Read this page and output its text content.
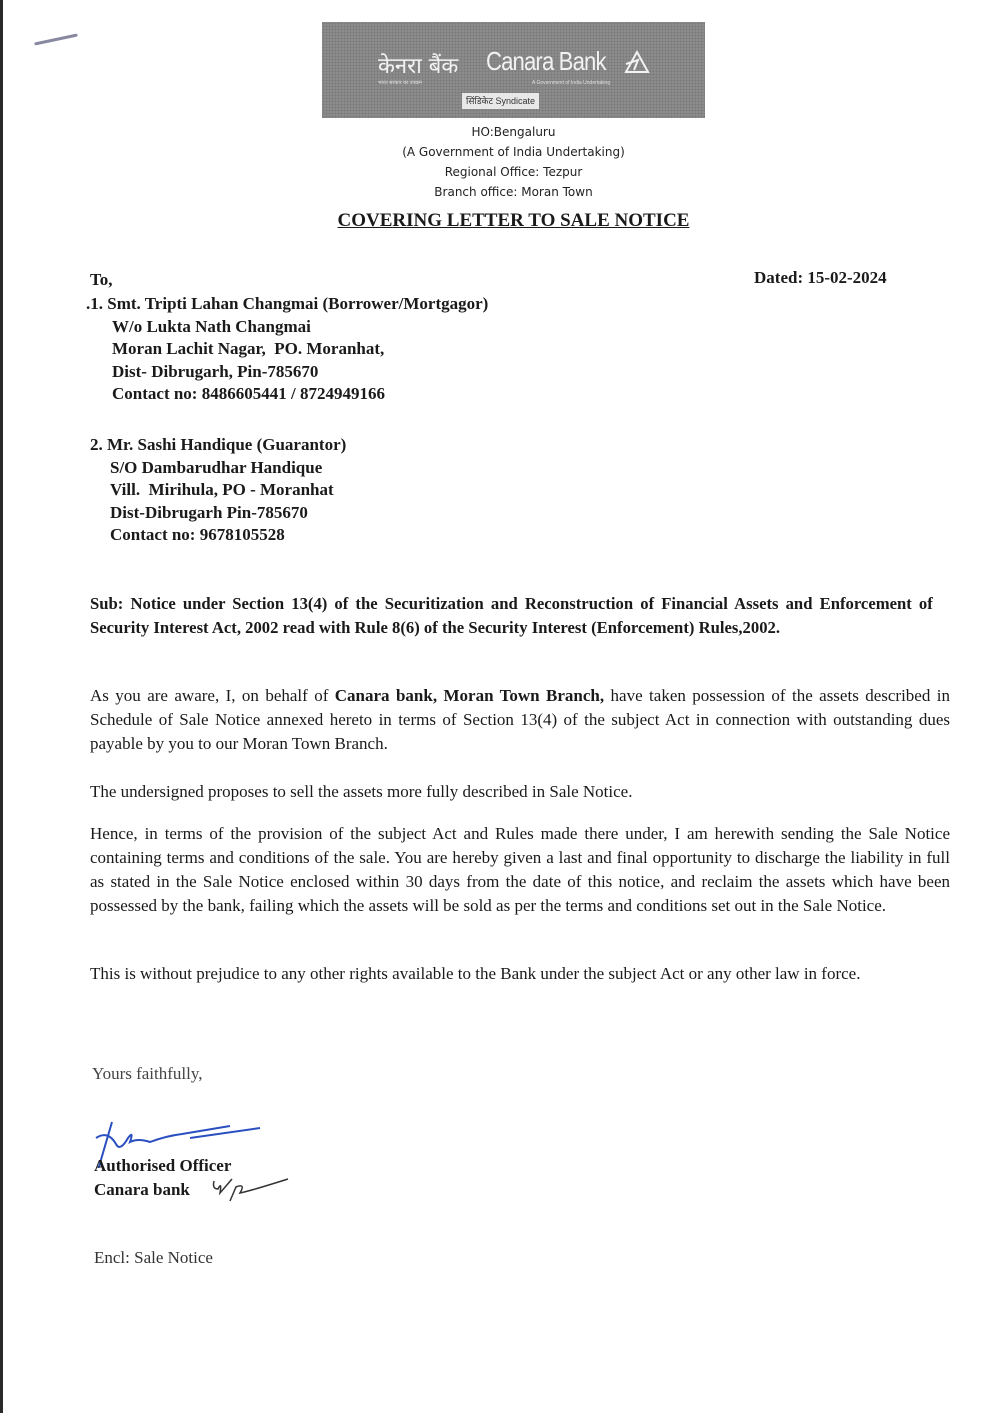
केनरा बैंक Canara Bank
भारत सरकार का उपक्रम	A Government of India Undertaking
सिंडिकेट Syndicate
HO:Bengaluru
(A Government of India Undertaking)
Regional Office: Tezpur
Branch office: Moran Town
COVERING LETTER TO SALE NOTICE
To,	Dated: 15-02-2024
.1. Smt. Tripti Lahan Changmai (Borrower/Mortgagor)
W/o Lukta Nath Changmai
Moran Lachit Nagar,  PO. Moranhat,
Dist- Dibrugarh, Pin-785670
Contact no: 8486605441 / 8724949166
2. Mr. Sashi Handique (Guarantor)
S/O Dambarudhar Handique
Vill.  Mirihula, PO - Moranhat
Dist-Dibrugarh Pin-785670
Contact no: 9678105528
Sub: Notice under Section 13(4) of the Securitization and Reconstruction of Financial Assets and Enforcement of Security Interest Act, 2002 read with Rule 8(6) of the Security Interest (Enforcement) Rules,2002.
As you are aware, I, on behalf of Canara bank, Moran Town Branch, have taken possession of the assets described in Schedule of Sale Notice annexed hereto in terms of Section 13(4) of the subject Act in connection with outstanding dues payable by you to our Moran Town Branch.
The undersigned proposes to sell the assets more fully described in Sale Notice.
Hence, in terms of the provision of the subject Act and Rules made there under, I am herewith sending the Sale Notice containing terms and conditions of the sale. You are hereby given a last and final opportunity to discharge the liability in full as stated in the Sale Notice enclosed within 30 days from the date of this notice, and reclaim the assets which have been possessed by the bank, failing which the assets will be sold as per the terms and conditions set out in the Sale Notice.
This is without prejudice to any other rights available to the Bank under the subject Act or any other law in force.
Yours faithfully,
Authorised Officer
Canara bank
Encl: Sale Notice
